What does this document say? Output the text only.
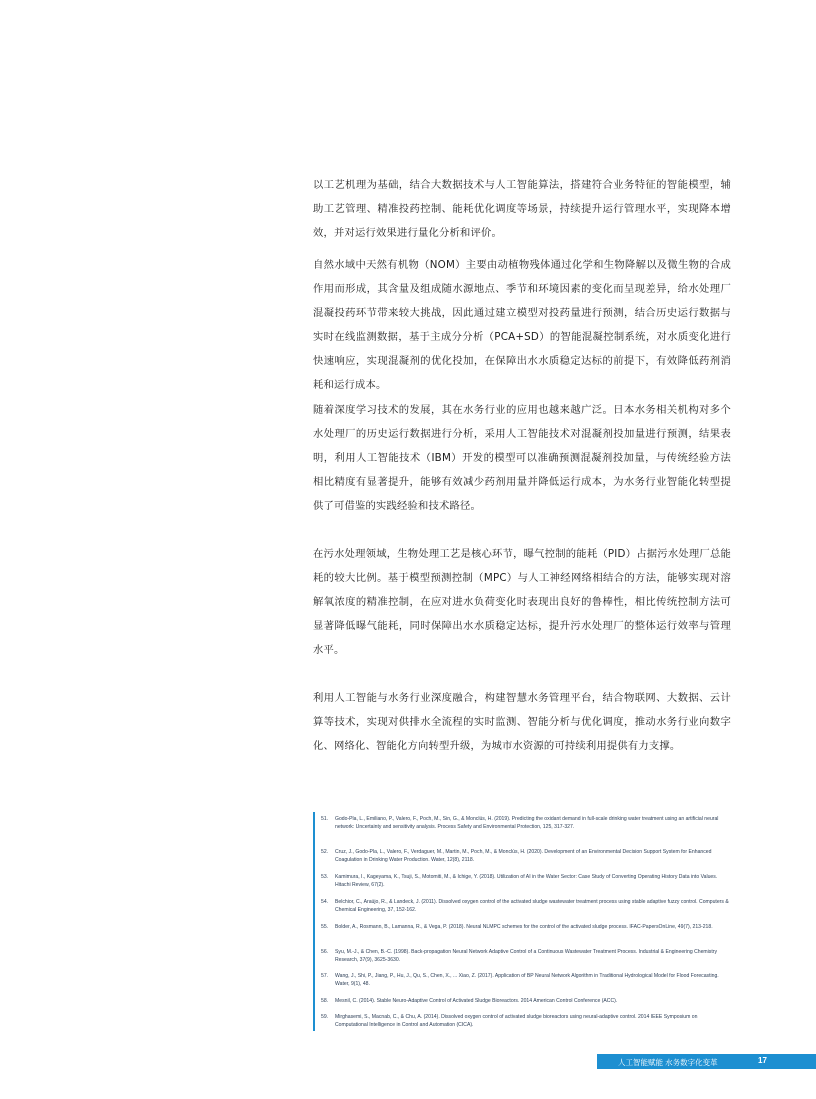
以工艺机理为基础，结合大数据技术与人工智能算法，搭建符合业务特征的智能模型，辅助工艺管理、精准投药控制、能耗优化调度等场景，持续提升运行管理水平，实现降本增效，并对运行效果进行量化分析和评价。

自然水域中天然有机物（NOM）主要由动植物残体通过化学和生物降解以及微生物的合成作用而形成，其含量及组成随水源地点、季节和环境因素的变化而呈现差异，给水处理厂混凝投药环节带来较大挑战，因此通过建立模型对投药量进行预测，结合历史运行数据与实时在线监测数据，基于主成分分析（PCA+SD）的智能混凝控制系统，对水质变化进行快速响应，实现混凝剂的优化投加，在保障出水水质稳定达标的前提下，有效降低药剂消耗和运行成本。

随着深度学习技术的发展，其在水务行业的应用也越来越广泛。日本水务相关机构对多个水处理厂的历史运行数据进行分析，采用人工智能技术对混凝剂投加量进行预测，结果表明，利用人工智能技术（IBM）开发的模型可以准确预测混凝剂投加量，与传统经验方法相比精度有显著提升，能够有效减少药剂用量并降低运行成本，为水务行业智能化转型提供了可借鉴的实践经验和技术路径。

在污水处理领域，生物处理工艺是核心环节，曝气控制的能耗（PID）占据污水处理厂总能耗的较大比例。基于模型预测控制（MPC）与人工神经网络相结合的方法，能够实现对溶解氧浓度的精准控制，在应对进水负荷变化时表现出良好的鲁棒性，相比传统控制方法可显著降低曝气能耗，同时保障出水水质稳定达标，提升污水处理厂的整体运行效率与管理水平。

利用人工智能与水务行业深度融合，构建智慧水务管理平台，结合物联网、大数据、云计算等技术，实现对供排水全流程的实时监测、智能分析与优化调度，推动水务行业向数字化、网络化、智能化方向转型升级，为城市水资源的可持续利用提供有力支撑。

51.	Godo-Pla, L., Emiliano, P., Valero, F., Poch, M., Sin, G., & Monclús, H. (2019). Predicting the oxidant demand in full-scale drinking water treatment using an artificial neural network: Uncertainty and sensitivity analysis. Process Safety and Environmental Protection, 125, 317-327.
52.	Cruz, J., Godo-Pla, L., Valero, F., Verdaguer, M., Martin, M., Poch, M., & Monclús, H. (2020). Development of an Environmental Decision Support System for Enhanced Coagulation in Drinking Water Production. Water, 12(8), 2118.
53.	Kamimura, I., Kageyama, K., Tsuji, S., Motomiti, M., & Ichige, Y. (2018). Utilization of AI in the Water Sector: Case Study of Converting Operating History Data into Values. Hitachi Review, 67(2).
54.	Belchior, C., Araújo, R., & Landeck, J. (2011). Dissolved oxygen control of the activated sludge wastewater treatment process using stable adaptive fuzzy control. Computers & Chemical Engineering, 37, 152-162.
55.	Bolder, A., Rosmann, B., Lamanna, R., & Vega, P. (2018). Neural NLMPC schemes for the control of the activated sludge process. IFAC-PapersOnLine, 49(7), 213-218.
56.	Syu, M.-J., & Chen, B.-C. (1998). Back-propagation Neural Network Adaptive Control of a Continuous Wastewater Treatment Process. Industrial & Engineering Chemistry Research, 37(9), 3625-3630.
57.	Wang, J., Shi, P., Jiang, P., Hu, J., Qu, S., Chen, X., ... Xiao, Z. (2017). Application of BP Neural Network Algorithm in Traditional Hydrological Model for Flood Forecasting. Water, 9(1), 48.
58.	Mesnil, C. (2014). Stable Neuro-Adaptive Control of Activated Sludge Bioreactors. 2014 American Control Conference (ACC).
59.	Mirghasemi, S., Macnab, C., & Chu, A. (2014). Dissolved oxygen control of activated sludge bioreactors using neural-adaptive control. 2014 IEEE Symposium on Computational Intelligence in Control and Automation (CICA).
人工智能赋能 水务数字化变革	17
